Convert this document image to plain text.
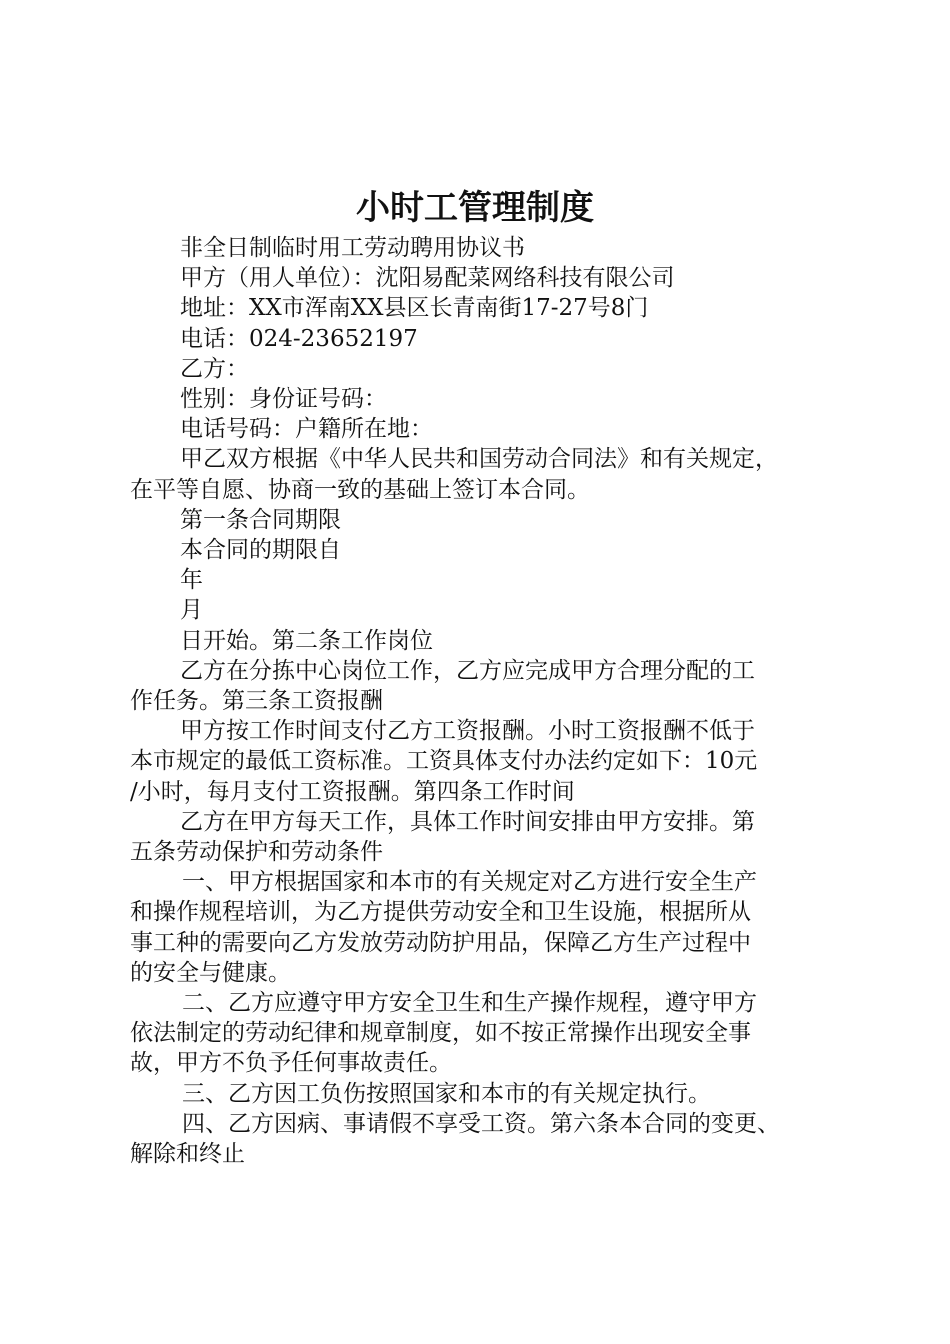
小时工管理制度

非全日制临时用工劳动聘用协议书

甲方（用人单位）：沈阳易配菜网络科技有限公司

地址：XX市浑南XX县区长青南街17-27号8门

电话：024-23652197

乙方：

性别：身份证号码：

电话号码：户籍所在地：

甲乙双方根据《中华人民共和国劳动合同法》和有关规定，

在平等自愿、协商一致的基础上签订本合同。

第一条合同期限

本合同的期限自

年

月

日开始。第二条工作岗位

乙方在分拣中心岗位工作，乙方应完成甲方合理分配的工

作任务。第三条工资报酬

甲方按工作时间支付乙方工资报酬。小时工资报酬不低于

本市规定的最低工资标准。工资具体支付办法约定如下：10元

/小时，每月支付工资报酬。第四条工作时间

乙方在甲方每天工作，具体工作时间安排由甲方安排。第

五条劳动保护和劳动条件

一、甲方根据国家和本市的有关规定对乙方进行安全生产

和操作规程培训，为乙方提供劳动安全和卫生设施，根据所从

事工种的需要向乙方发放劳动防护用品，保障乙方生产过程中

的安全与健康。

二、乙方应遵守甲方安全卫生和生产操作规程，遵守甲方

依法制定的劳动纪律和规章制度，如不按正常操作出现安全事

故，甲方不负予任何事故责任。

三、乙方因工负伤按照国家和本市的有关规定执行。

四、乙方因病、事请假不享受工资。第六条本合同的变更、

解除和终止
